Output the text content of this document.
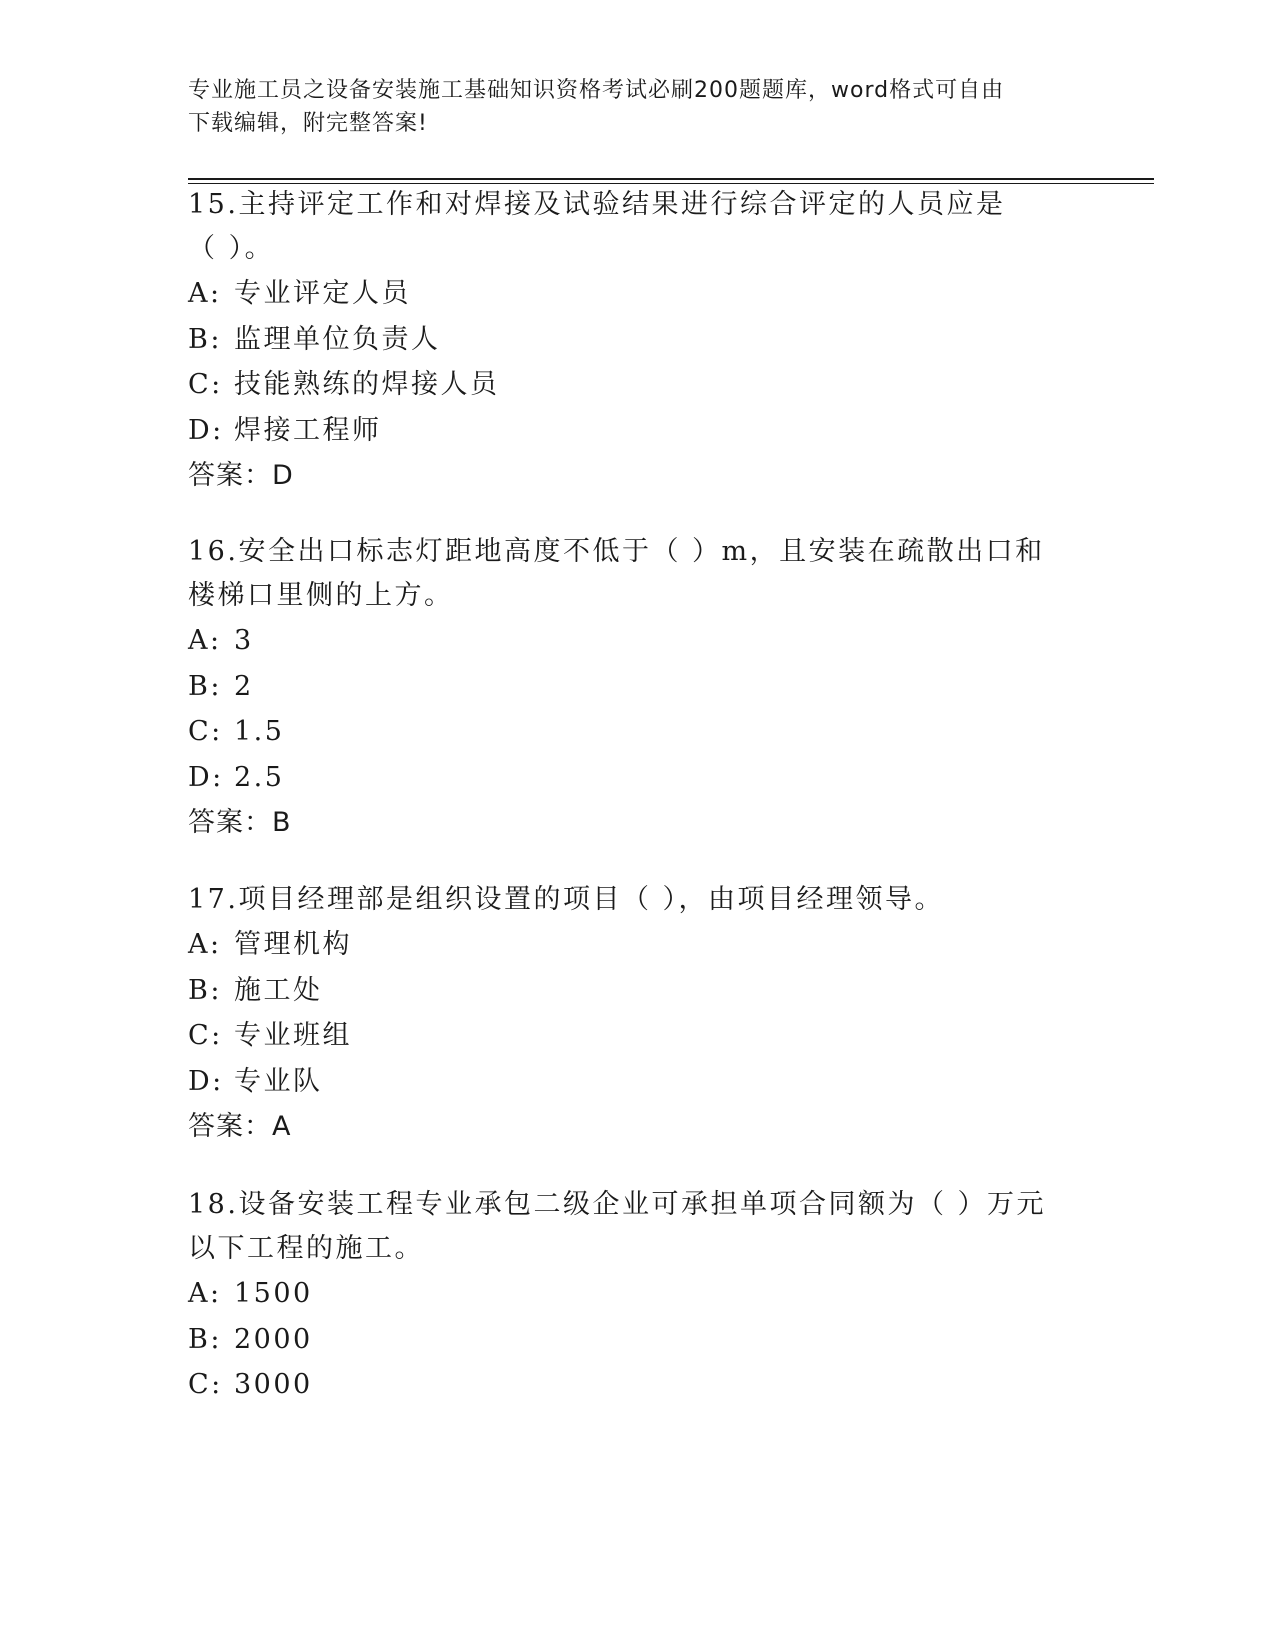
专业施工员之设备安装施工基础知识资格考试必刷200题题库，word格式可自由
下载编辑，附完整答案!

15.主持评定工作和对焊接及试验结果进行综合评定的人员应是（ ）。

A: 专业评定人员

B: 监理单位负责人

C: 技能熟练的焊接人员

D: 焊接工程师

答案：D

16.安全出口标志灯距地高度不低于（ ）m，且安装在疏散出口和楼梯口里侧的上方。

A: 3

B: 2

C: 1.5

D: 2.5

答案：B

17.项目经理部是组织设置的项目（ ），由项目经理领导。

A: 管理机构

B: 施工处

C: 专业班组

D: 专业队

答案：A

18.设备安装工程专业承包二级企业可承担单项合同额为（ ）万元以下工程的施工。

A: 1500

B: 2000

C: 3000
